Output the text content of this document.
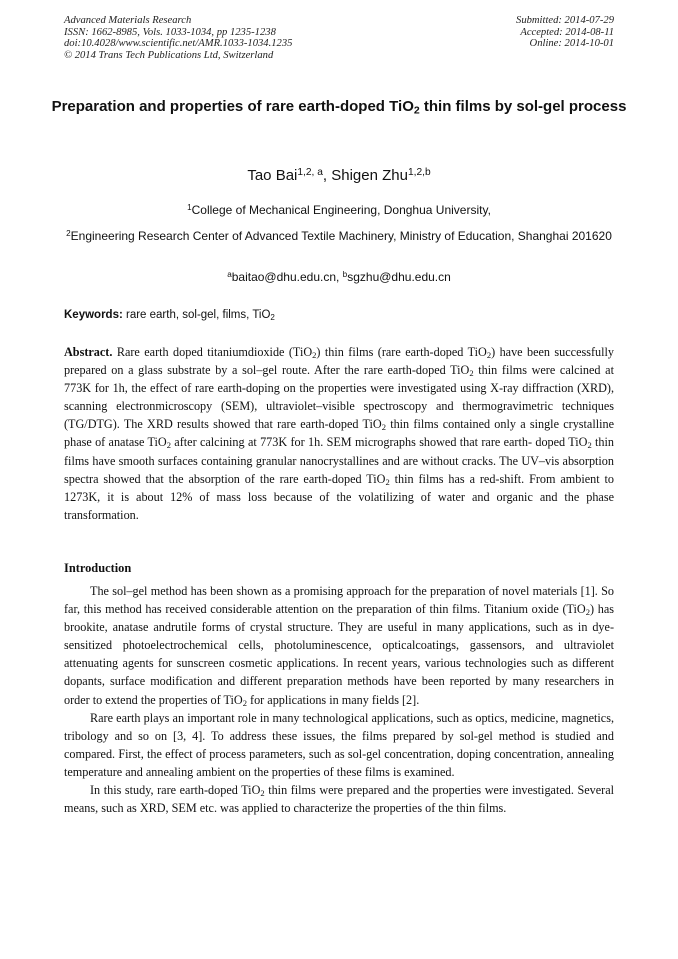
Advanced Materials Research
ISSN: 1662-8985, Vols. 1033-1034, pp 1235-1238
doi:10.4028/www.scientific.net/AMR.1033-1034.1235
© 2014 Trans Tech Publications Ltd, Switzerland
Submitted: 2014-07-29
Accepted: 2014-08-11
Online: 2014-10-01
Preparation and properties of rare earth-doped TiO$_2$ thin films by sol-gel process
Tao Bai$^{1,2, a}$, Shigen Zhu$^{1,2,b}$
$^1$College of Mechanical Engineering, Donghua University,
$^2$Engineering Research Center of Advanced Textile Machinery, Ministry of Education, Shanghai 201620
$^a$baitao@dhu.edu.cn, $^b$sgzhu@dhu.edu.cn
Keywords: rare earth, sol-gel, films, TiO$_2$
Abstract. Rare earth doped titaniumdioxide (TiO$_2$) thin films (rare earth-doped TiO$_2$) have been successfully prepared on a glass substrate by a sol–gel route. After the rare earth-doped TiO$_2$ thin films were calcined at 773K for 1h, the effect of rare earth-doping on the properties were investigated using X-ray diffraction (XRD), scanning electronmicroscopy (SEM), ultraviolet–visible spectroscopy and thermogravimetric techniques (TG/DTG). The XRD results showed that rare earth-doped TiO$_2$ thin films contained only a single crystalline phase of anatase TiO$_2$ after calcining at 773K for 1h. SEM micrographs showed that rare earth- doped TiO$_2$ thin films have smooth surfaces containing granular nanocrystallines and are without cracks. The UV–vis absorption spectra showed that the absorption of the rare earth-doped TiO$_2$ thin films has a red-shift. From ambient to 1273K, it is about 12% of mass loss because of the volatilizing of water and organic and the phase transformation.
Introduction

The sol–gel method has been shown as a promising approach for the preparation of novel materials [1]. So far, this method has received considerable attention on the preparation of thin films. Titanium oxide (TiO$_2$) has brookite, anatase andrutile forms of crystal structure. They are useful in many applications, such as in dye-sensitized photoelectrochemical cells, photoluminescence, opticalcoatings, gassensors, and ultraviolet attenuating agents for sunscreen cosmetic applications. In recent years, various technologies such as different dopants, surface modification and different preparation methods have been reported by many researchers in order to extend the properties of TiO$_2$ for applications in many fields [2].

Rare earth plays an important role in many technological applications, such as optics, medicine, magnetics, tribology and so on [3, 4]. To address these issues, the films prepared by sol-gel method is studied and compared. First, the effect of process parameters, such as sol-gel concentration, doping concentration, annealing temperature and annealing ambient on the properties of these films is examined.

In this study, rare earth-doped TiO$_2$ thin films were prepared and the properties were investigated. Several means, such as XRD, SEM etc. was applied to characterize the properties of the thin films.
